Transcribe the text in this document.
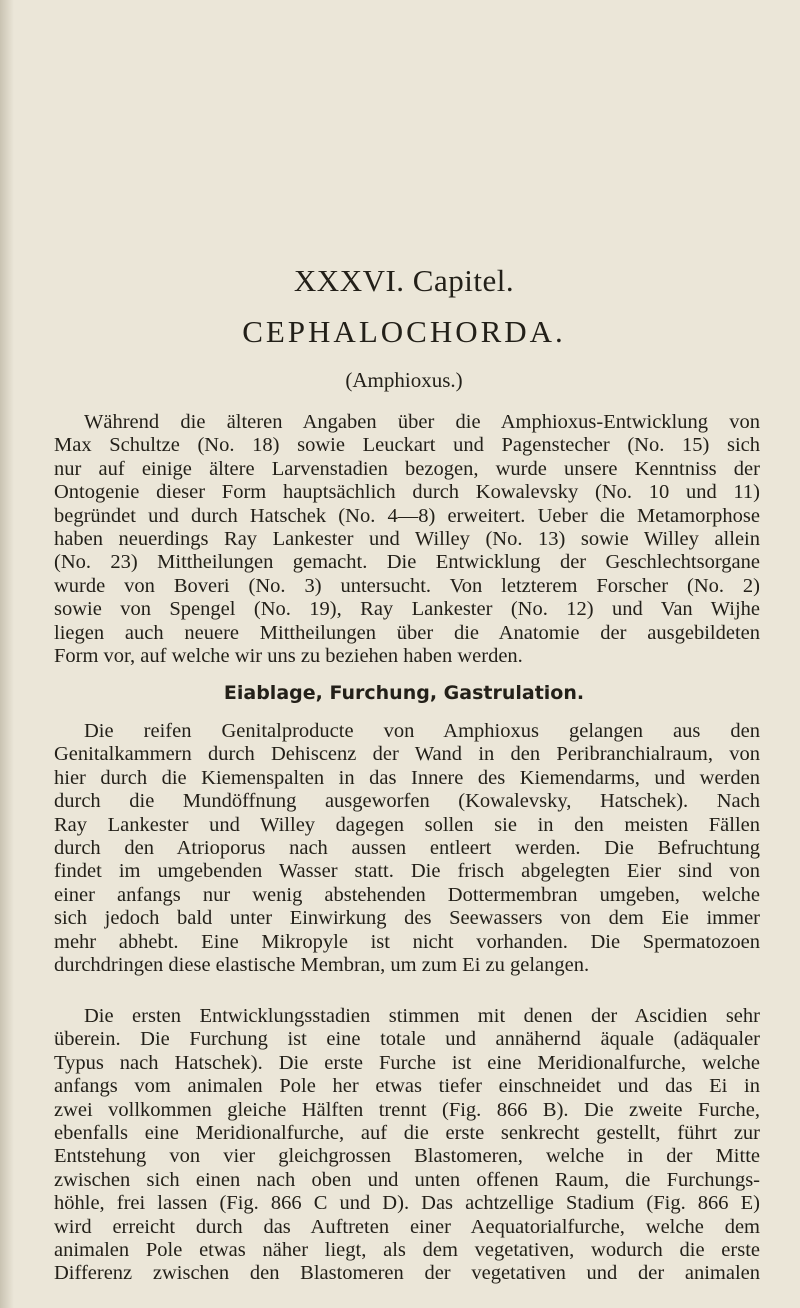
XXXVI. Capitel.
CEPHALOCHORDA.
(Amphioxus.)

Während die älteren Angaben über die Amphioxus-Entwicklung von
Max Schultze (No. 18) sowie Leuckart und Pagenstecher (No. 15) sich
nur auf einige ältere Larvenstadien bezogen, wurde unsere Kenntniss der
Ontogenie dieser Form hauptsächlich durch Kowalevsky (No. 10 und 11)
begründet und durch Hatschek (No. 4—8) erweitert. Ueber die Metamorphose
haben neuerdings Ray Lankester und Willey (No. 13) sowie Willey allein
(No. 23) Mittheilungen gemacht. Die Entwicklung der Geschlechtsorgane
wurde von Boveri (No. 3) untersucht. Von letzterem Forscher (No. 2)
sowie von Spengel (No. 19), Ray Lankester (No. 12) und Van Wijhe
liegen auch neuere Mittheilungen über die Anatomie der ausgebildeten
Form vor, auf welche wir uns zu beziehen haben werden.

Eiablage, Furchung, Gastrulation.

Die reifen Genitalproducte von Amphioxus gelangen aus den
Genitalkammern durch Dehiscenz der Wand in den Peribranchialraum, von
hier durch die Kiemenspalten in das Innere des Kiemendarms, und werden
durch die Mundöffnung ausgeworfen (Kowalevsky, Hatschek). Nach
Ray Lankester und Willey dagegen sollen sie in den meisten Fällen
durch den Atrioporus nach aussen entleert werden. Die Befruchtung
findet im umgebenden Wasser statt. Die frisch abgelegten Eier sind von
einer anfangs nur wenig abstehenden Dottermembran umgeben, welche
sich jedoch bald unter Einwirkung des Seewassers von dem Eie immer
mehr abhebt. Eine Mikropyle ist nicht vorhanden. Die Spermatozoen
durchdringen diese elastische Membran, um zum Ei zu gelangen.

Die ersten Entwicklungsstadien stimmen mit denen der Ascidien sehr
überein. Die Furchung ist eine totale und annähernd äquale (adäqualer
Typus nach Hatschek). Die erste Furche ist eine Meridionalfurche, welche
anfangs vom animalen Pole her etwas tiefer einschneidet und das Ei in
zwei vollkommen gleiche Hälften trennt (Fig. 866 B). Die zweite Furche,
ebenfalls eine Meridionalfurche, auf die erste senkrecht gestellt, führt zur
Entstehung von vier gleichgrossen Blastomeren, welche in der Mitte
zwischen sich einen nach oben und unten offenen Raum, die Furchungs-
höhle, frei lassen (Fig. 866 C und D). Das achtzellige Stadium (Fig. 866 E)
wird erreicht durch das Auftreten einer Aequatorialfurche, welche dem
animalen Pole etwas näher liegt, als dem vegetativen, wodurch die erste
Differenz zwischen den Blastomeren der vegetativen und der animalen
